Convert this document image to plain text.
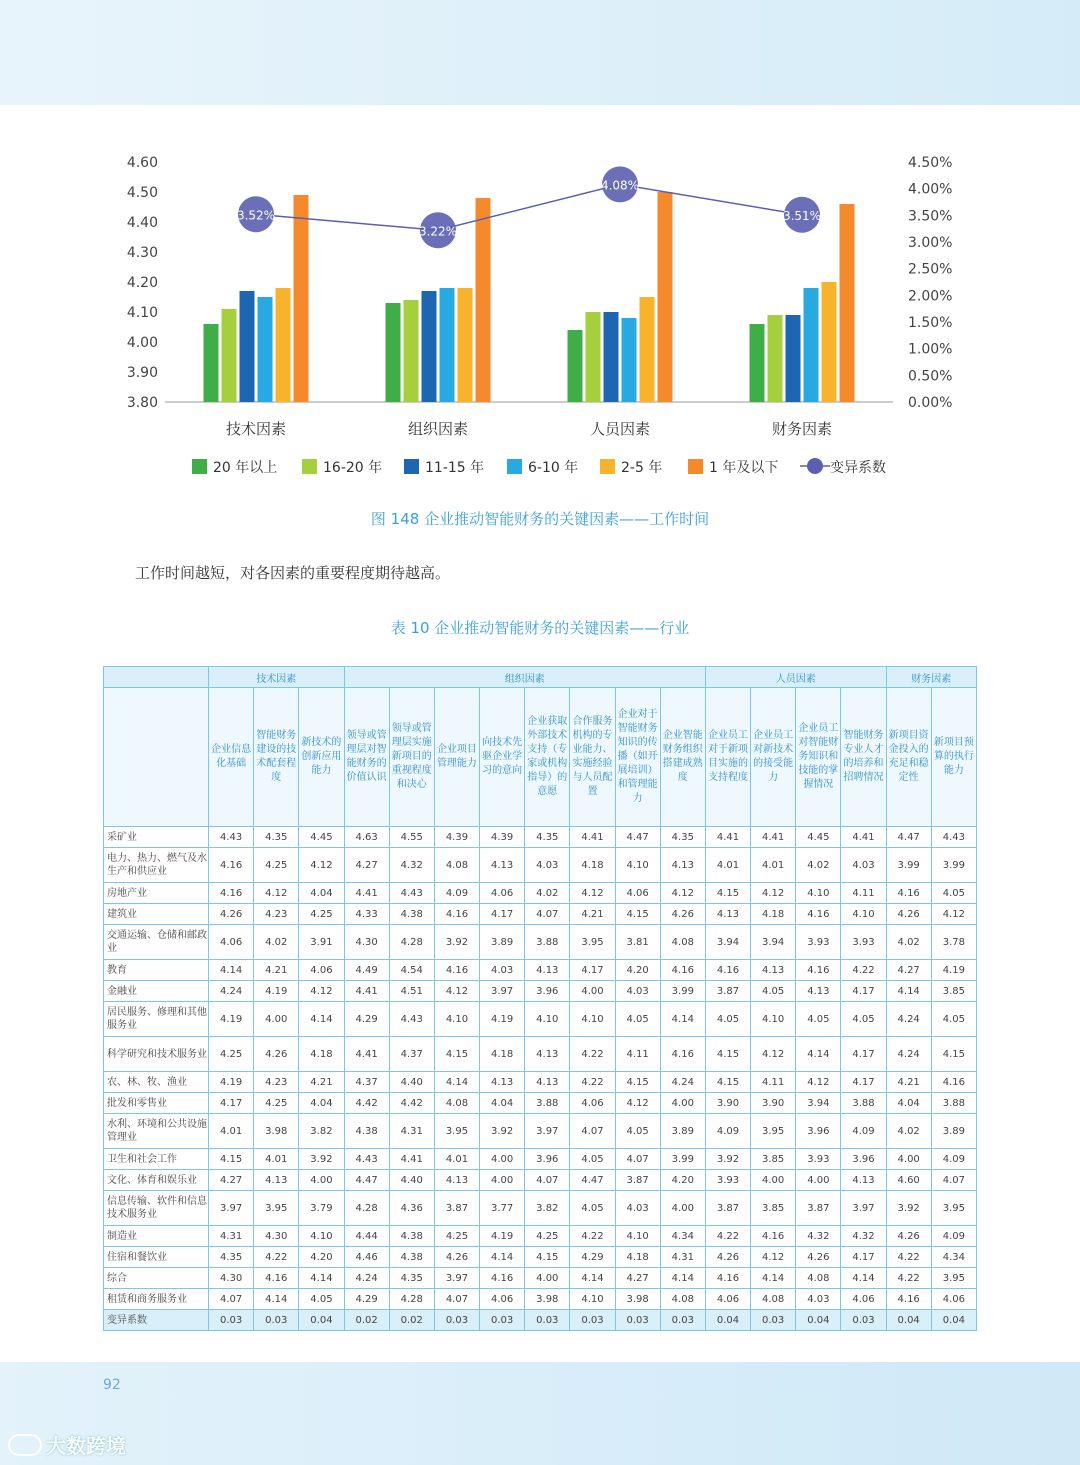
4.60
4.50
4.40
4.30
4.20
4.10
4.00
3.90
3.80
4.50%
4.00%
3.50%
3.00%
2.50%
2.00%
1.50%
1.00%
0.50%
0.00%
技术因素	组织因素	人员因素	财务因素
3.52%
3.22%
4.08%
3.51%
20 年以上	16-20 年	11-15 年	6-10 年	2-5 年	1 年及以下	变异系数
图 148 企业推动智能财务的关键因素——工作时间
工作时间越短，对各因素的重要程度期待越高。
表 10 企业推动智能财务的关键因素——行业
	技术因素			组织因素								人员因素				财务因素	
	企业信息化基础	智能财务建设的技术配套程度	新技术的创新应用能力	领导或管理层对智能财务的价值认识	领导或管理层实施新项目的重视程度和决心	企业项目管理能力	向技术先驱企业学习的意向	企业获取外部技术支持（专家或机构指导）的意愿	合作服务机构的专业能力、实施经验与人员配置	企业对于智能财务知识的传播（如开展培训）和管理能力	企业智能财务组织搭建成熟度	企业员工对于新项目实施的支持程度	企业员工对新技术的接受能力	企业员工对智能财务知识和技能的掌握情况	智能财务专业人才的培养和招聘情况	新项目资金投入的充足和稳定性	新项目预算的执行能力
采矿业	4.43	4.35	4.45	4.63	4.55	4.39	4.39	4.35	4.41	4.47	4.35	4.41	4.41	4.45	4.41	4.47	4.43
电力、热力、燃气及水生产和供应业	4.16	4.25	4.12	4.27	4.32	4.08	4.13	4.03	4.18	4.10	4.13	4.01	4.01	4.02	4.03	3.99	3.99
房地产业	4.16	4.12	4.04	4.41	4.43	4.09	4.06	4.02	4.12	4.06	4.12	4.15	4.12	4.10	4.11	4.16	4.05
建筑业	4.26	4.23	4.25	4.33	4.38	4.16	4.17	4.07	4.21	4.15	4.26	4.13	4.18	4.16	4.10	4.26	4.12
交通运输、仓储和邮政业	4.06	4.02	3.91	4.30	4.28	3.92	3.89	3.88	3.95	3.81	4.08	3.94	3.94	3.93	3.93	4.02	3.78
教育	4.14	4.21	4.06	4.49	4.54	4.16	4.03	4.13	4.17	4.20	4.16	4.16	4.13	4.16	4.22	4.27	4.19
金融业	4.24	4.19	4.12	4.41	4.51	4.12	3.97	3.96	4.00	4.03	3.99	3.87	4.05	4.13	4.17	4.14	3.85
居民服务、修理和其他服务业	4.19	4.00	4.14	4.29	4.43	4.10	4.19	4.10	4.10	4.05	4.14	4.05	4.10	4.05	4.05	4.24	4.05
科学研究和技术服务业	4.25	4.26	4.18	4.41	4.37	4.15	4.18	4.13	4.22	4.11	4.16	4.15	4.12	4.14	4.17	4.24	4.15
农、林、牧、渔业	4.19	4.23	4.21	4.37	4.40	4.14	4.13	4.13	4.22	4.15	4.24	4.15	4.11	4.12	4.17	4.21	4.16
批发和零售业	4.17	4.25	4.04	4.42	4.42	4.08	4.04	3.88	4.06	4.12	4.00	3.90	3.90	3.94	3.88	4.04	3.88
水利、环境和公共设施管理业	4.01	3.98	3.82	4.38	4.31	3.95	3.92	3.97	4.07	4.05	3.89	4.09	3.95	3.96	4.09	4.02	3.89
卫生和社会工作	4.15	4.01	3.92	4.43	4.41	4.01	4.00	3.96	4.05	4.07	3.99	3.92	3.85	3.93	3.96	4.00	4.09
文化、体育和娱乐业	4.27	4.13	4.00	4.47	4.40	4.13	4.00	4.07	4.47	3.87	4.20	3.93	4.00	4.00	4.13	4.60	4.07
信息传输、软件和信息技术服务业	3.97	3.95	3.79	4.28	4.36	3.87	3.77	3.82	4.05	4.03	4.00	3.87	3.85	3.87	3.97	3.92	3.95
制造业	4.31	4.30	4.10	4.44	4.38	4.25	4.19	4.25	4.22	4.10	4.34	4.22	4.16	4.32	4.32	4.26	4.09
住宿和餐饮业	4.35	4.22	4.20	4.46	4.38	4.26	4.14	4.15	4.29	4.18	4.31	4.26	4.12	4.26	4.17	4.22	4.34
综合	4.30	4.16	4.14	4.24	4.35	3.97	4.16	4.00	4.14	4.27	4.14	4.16	4.14	4.08	4.14	4.22	3.95
租赁和商务服务业	4.07	4.14	4.05	4.29	4.28	4.07	4.06	3.98	4.10	3.98	4.08	4.06	4.08	4.03	4.06	4.16	4.06
变异系数	0.03	0.03	0.04	0.02	0.02	0.03	0.03	0.03	0.03	0.03	0.03	0.04	0.03	0.04	0.03	0.04	0.04
92
大数跨境
